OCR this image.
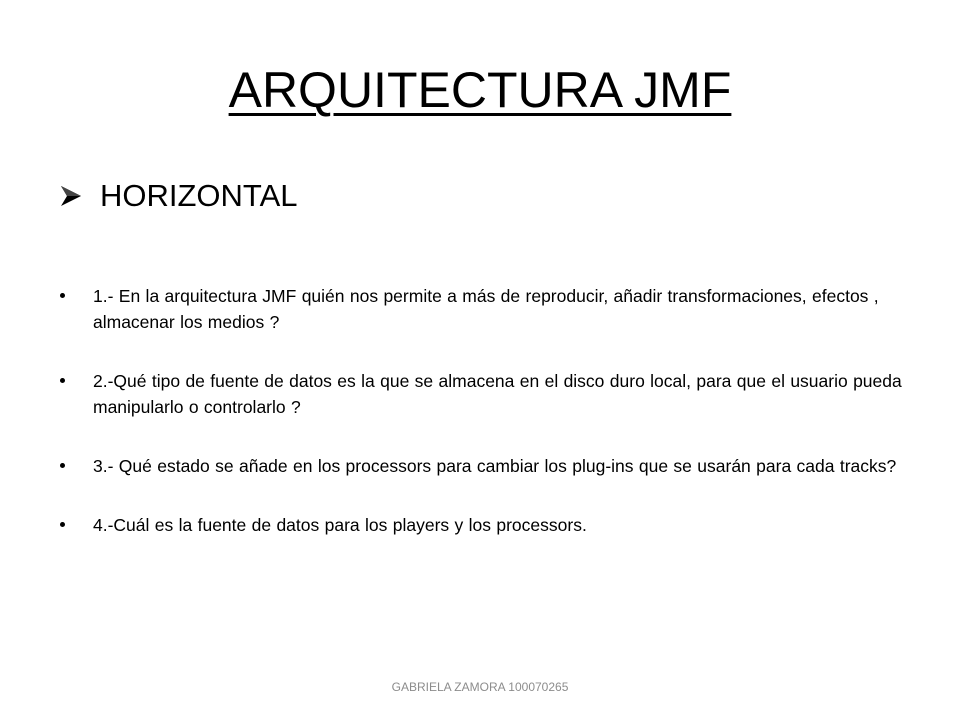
ARQUITECTURA JMF
HORIZONTAL
1.- En la arquitectura JMF quién nos permite a más de reproducir, añadir transformaciones, efectos , almacenar los medios ?
2.-Qué tipo de fuente de datos es la que se almacena en el disco duro local, para que el usuario pueda manipularlo o controlarlo ?
3.- Qué estado se añade en los processors para cambiar los plug-ins que se usarán para cada tracks?
4.-Cuál es la fuente de datos para los players y los processors.
GABRIELA ZAMORA 100070265
